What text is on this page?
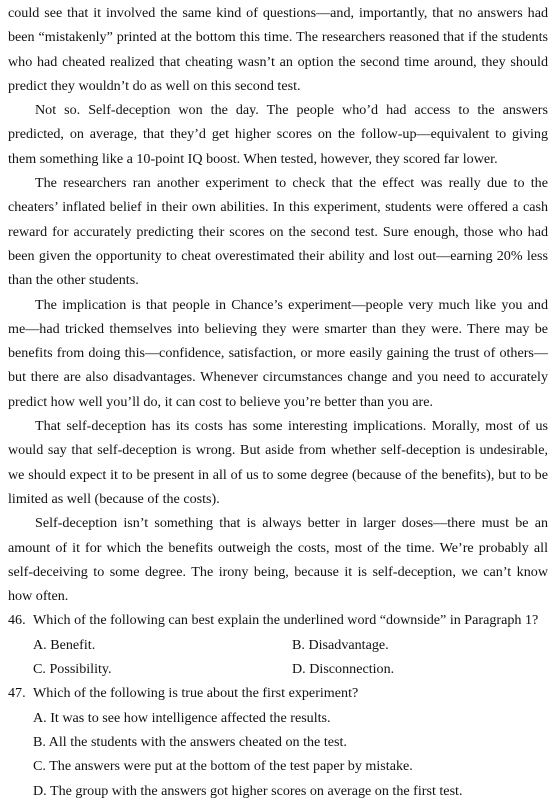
could see that it involved the same kind of questions—and, importantly, that no answers had been “mistakenly” printed at the bottom this time. The researchers reasoned that if the students who had cheated realized that cheating wasn’t an option the second time around, they should predict they wouldn’t do as well on this second test.

Not so. Self-deception won the day. The people who’d had access to the answers predicted, on average, that they’d get higher scores on the follow-up—equivalent to giving them something like a 10-point IQ boost. When tested, however, they scored far lower.

The researchers ran another experiment to check that the effect was really due to the cheaters’ inflated belief in their own abilities. In this experiment, students were offered a cash reward for accurately predicting their scores on the second test. Sure enough, those who had been given the opportunity to cheat overestimated their ability and lost out—earning 20% less than the other students.

The implication is that people in Chance’s experiment—people very much like you and me—had tricked themselves into believing they were smarter than they were. There may be benefits from doing this—confidence, satisfaction, or more easily gaining the trust of others—but there are also disadvantages. Whenever circumstances change and you need to accurately predict how well you’ll do, it can cost to believe you’re better than you are.

That self-deception has its costs has some interesting implications. Morally, most of us would say that self-deception is wrong. But aside from whether self-deception is undesirable, we should expect it to be present in all of us to some degree (because of the benefits), but to be limited as well (because of the costs).

Self-deception isn’t something that is always better in larger doses—there must be an amount of it for which the benefits outweigh the costs, most of the time. We’re probably all self-deceiving to some degree. The irony being, because it is self-deception, we can’t know how often.

46. Which of the following can best explain the underlined word “downside” in Paragraph 1?

A. Benefit.	B. Disadvantage.
C. Possibility.	D. Disconnection.

47. Which of the following is true about the first experiment?

A. It was to see how intelligence affected the results.
B. All the students with the answers cheated on the test.
C. The answers were put at the bottom of the test paper by mistake.
D. The group with the answers got higher scores on average on the first test.
